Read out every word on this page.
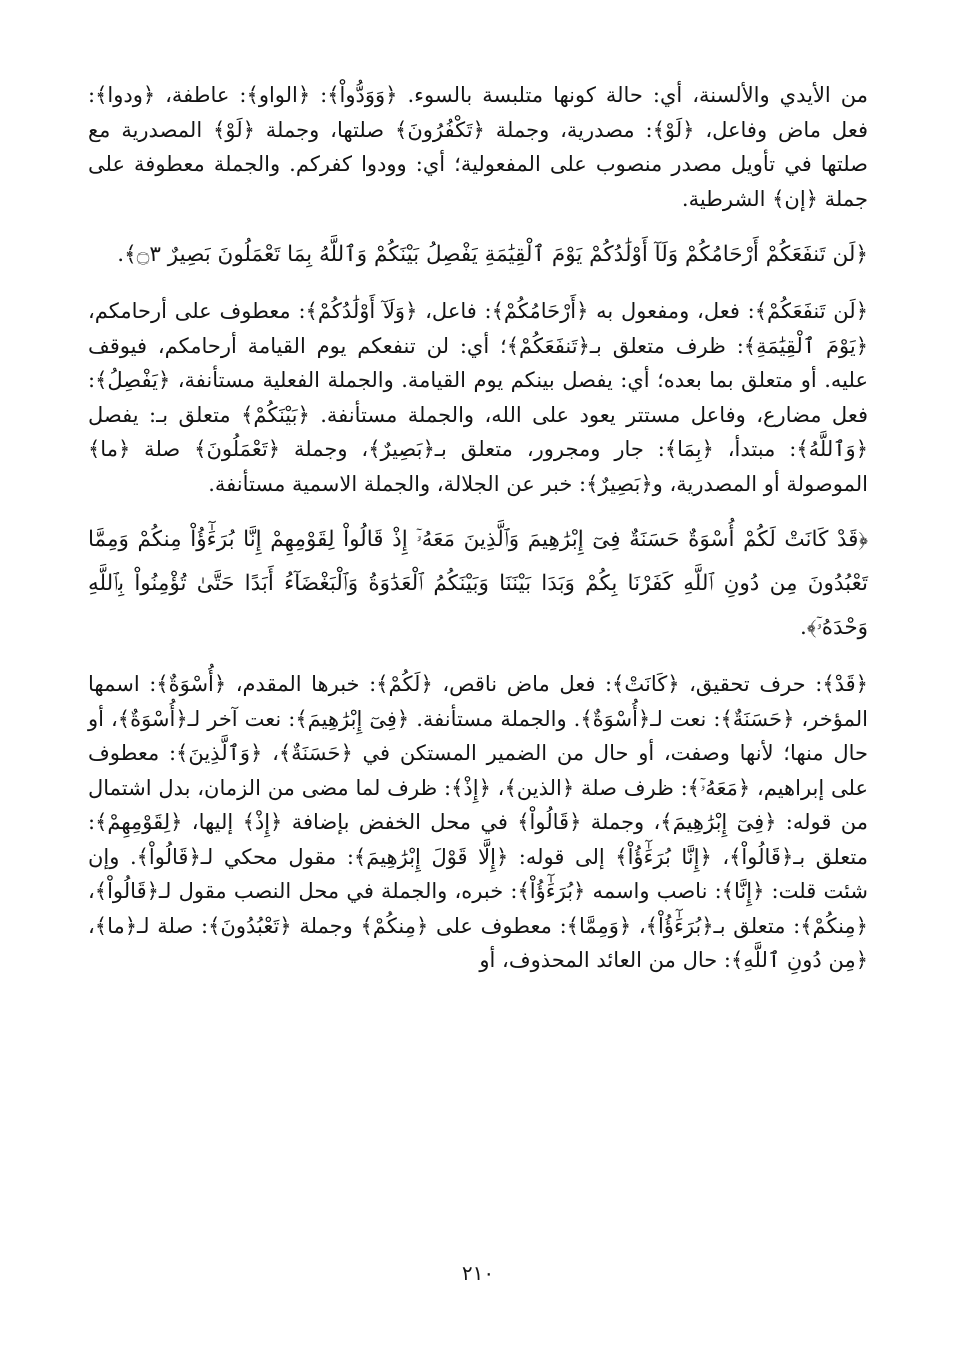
من الأيدي والألسنة، أي: حالة كونها متلبسة بالسوء. ﴿وَوَدُّواْ﴾: ﴿الواو﴾: عاطفة، ﴿ودوا﴾: فعل ماض وفاعل، ﴿لَوْ﴾: مصدرية، وجملة ﴿تَكْفُرُونَ﴾ صلتها، وجملة ﴿لَوْ﴾ المصدرية مع صلتها في تأويل مصدر منصوب على المفعولية؛ أي: وودوا كفركم. والجملة معطوفة على جملة ﴿إن﴾ الشرطية.

﴿لَن تَنفَعَكُمْ أَرْحَامُكُمْ وَلَآ أَوْلَٰدُكُمْ يَوْمَ ٱلْقِيَٰمَةِ يَفْصِلُ بَيْنَكُمْ وَٱللَّهُ بِمَا تَعْمَلُونَ بَصِيرٌ ۝٣﴾.

﴿لَن تَنفَعَكُمْ﴾: فعل، ومفعول به ﴿أَرْحَامُكُمْ﴾: فاعل، ﴿وَلَآ أَوْلَٰدُكُمْ﴾: معطوف على أرحامكم، ﴿يَوْمَ ٱلْقِيَٰمَةِ﴾: ظرف متعلق بـ﴿تَنفَعَكُمْ﴾؛ أي: لن تنفعكم يوم القيامة أرحامكم، فيوقف عليه. أو متعلق بما بعده؛ أي: يفصل بينكم يوم القيامة. والجملة الفعلية مستأنفة، ﴿يَفْصِلُ﴾: فعل مضارع، وفاعل مستتر يعود على الله، والجملة مستأنفة. ﴿بَيْنَكُمْ﴾ متعلق بـ: يفصل ﴿وَٱللَّهُ﴾: مبتدأ، ﴿بِمَا﴾: جار ومجرور، متعلق بـ﴿بَصِيرٌ﴾، وجملة ﴿تَعْمَلُونَ﴾ صلة ﴿ما﴾ الموصولة أو المصدرية، و﴿بَصِيرٌ﴾: خبر عن الجلالة، والجملة الاسمية مستأنفة.

﴿قَدْ كَانَتْ لَكُمْ أُسْوَةٌ حَسَنَةٌ فِىٓ إِبْرَٰهِيمَ وَٱلَّذِينَ مَعَهُۥٓ إِذْ قَالُواْ لِقَوْمِهِمْ إِنَّا بُرَءَٰٓؤُاْ مِنكُمْ وَمِمَّا تَعْبُدُونَ مِن دُونِ ٱللَّهِ كَفَرْنَا بِكُمْ وَبَدَا بَيْنَنَا وَبَيْنَكُمُ ٱلْعَدَٰوَةُ وَٱلْبَغْضَآءُ أَبَدًا حَتَّىٰ تُؤْمِنُواْ بِٱللَّهِ وَحْدَهُۥٓ﴾.

﴿قَدْ﴾: حرف تحقيق، ﴿كَانَتْ﴾: فعل ماض ناقص، ﴿لَكُمْ﴾: خبرها المقدم، ﴿أُسْوَةٌ﴾: اسمها المؤخر، ﴿حَسَنَةٌ﴾: نعت لـ﴿أُسْوَةٌ﴾. والجملة مستأنفة. ﴿فِىٓ إِبْرَٰهِيمَ﴾: نعت آخر لـ﴿أُسْوَةٌ﴾، أو حال منها؛ لأنها وصفت، أو حال من الضمير المستكن في ﴿حَسَنَةٌ﴾، ﴿وَٱلَّذِينَ﴾: معطوف على إبراهيم، ﴿مَعَهُۥٓ﴾: ظرف صلة ﴿الذين﴾، ﴿إِذْ﴾: ظرف لما مضى من الزمان، بدل اشتمال من قوله: ﴿فِىٓ إِبْرَٰهِيمَ﴾، وجملة ﴿قَالُواْ﴾ في محل الخفض بإضافة ﴿إِذْ﴾ إليها، ﴿لِقَوْمِهِمْ﴾: متعلق بـ﴿قَالُواْ﴾، ﴿إِنَّا بُرَءَٰٓؤُاْ﴾ إلى قوله: ﴿إِلَّا قَوْلَ إِبْرَٰهِيمَ﴾: مقول محكي لـ﴿قَالُواْ﴾. وإن شئت قلت: ﴿إِنَّا﴾: ناصب واسمه ﴿بُرَءَٰٓؤُاْ﴾: خبره، والجملة في محل النصب مقول لـ﴿قَالُواْ﴾، ﴿مِنكُمْ﴾: متعلق بـ﴿بُرَءَٰٓؤُاْ﴾، ﴿وَمِمَّا﴾: معطوف على ﴿مِنكُمْ﴾ وجملة ﴿تَعْبُدُونَ﴾: صلة لـ﴿ما﴾، ﴿مِن دُونِ ٱللَّهِ﴾: حال من العائد المحذوف، أو

٢١٠
